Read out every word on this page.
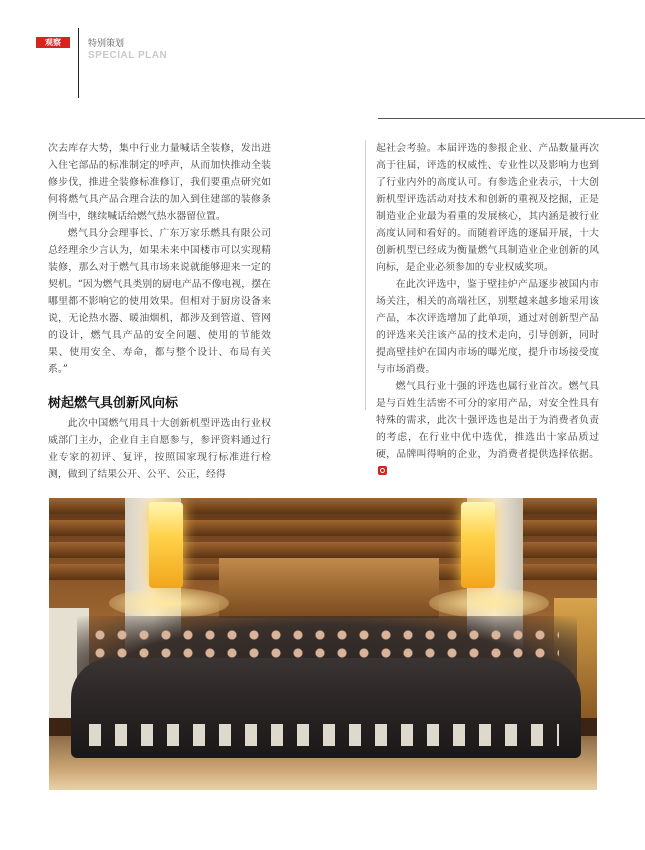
观察	特别策划
SPECIAL PLAN

次去库存大势，集中行业力量喊话全装修，发出进入住宅部品的标准制定的呼声，从而加快推动全装修步伐，推进全装修标准修订，我们要重点研究如何将燃气具产品合理合法的加入到住建部的装修条例当中，继续喊话给燃气热水器留位置。

燃气具分会理事长、广东万家乐燃具有限公司总经理余少言认为，如果未来中国楼市可以实现精装修，那么对于燃气具市场来说就能够迎来一定的契机。“因为燃气具类别的厨电产品不像电视，摆在哪里都不影响它的使用效果。但相对于厨房设备来说，无论热水器、暖油烟机，都涉及到管道、管网的设计，燃气具产品的安全问题、使用的节能效果、使用安全、寿命，都与整个设计、布局有关系。”

树起燃气具创新风向标

此次中国燃气用具十大创新机型评选由行业权威部门主办，企业自主自愿参与，参评资料通过行业专家的初评、复评，按照国家现行标准进行检测，做到了结果公开、公平、公正，经得

起社会考验。本届评选的参报企业、产品数量再次高于往届，评选的权威性、专业性以及影响力也到了行业内外的高度认可。有参选企业表示，十大创新机型评选活动对技术和创新的重视及挖掘，正是制造业企业最为看重的发展核心，其内涵是被行业高度认同和看好的。而随着评选的逐届开展，十大创新机型已经成为衡量燃气具制造业企业创新的风向标，是企业必须参加的专业权威奖项。

在此次评选中，鉴于壁挂炉产品逐步被国内市场关注，相关的高端社区，别墅越来越多地采用该产品，本次评选增加了此单项，通过对创新型产品的评选来关注该产品的技术走向，引导创新，同时提高壁挂炉在国内市场的曝光度，提升市场接受度与市场消费。

燃气具行业十强的评选也属行业首次。燃气具是与百姓生活密不可分的家用产品，对安全性具有特殊的需求，此次十强评选也是出于为消费者负责的考虑，在行业中优中选优，推选出十家品质过硬，品牌叫得响的企业，为消费者提供选择依据。
